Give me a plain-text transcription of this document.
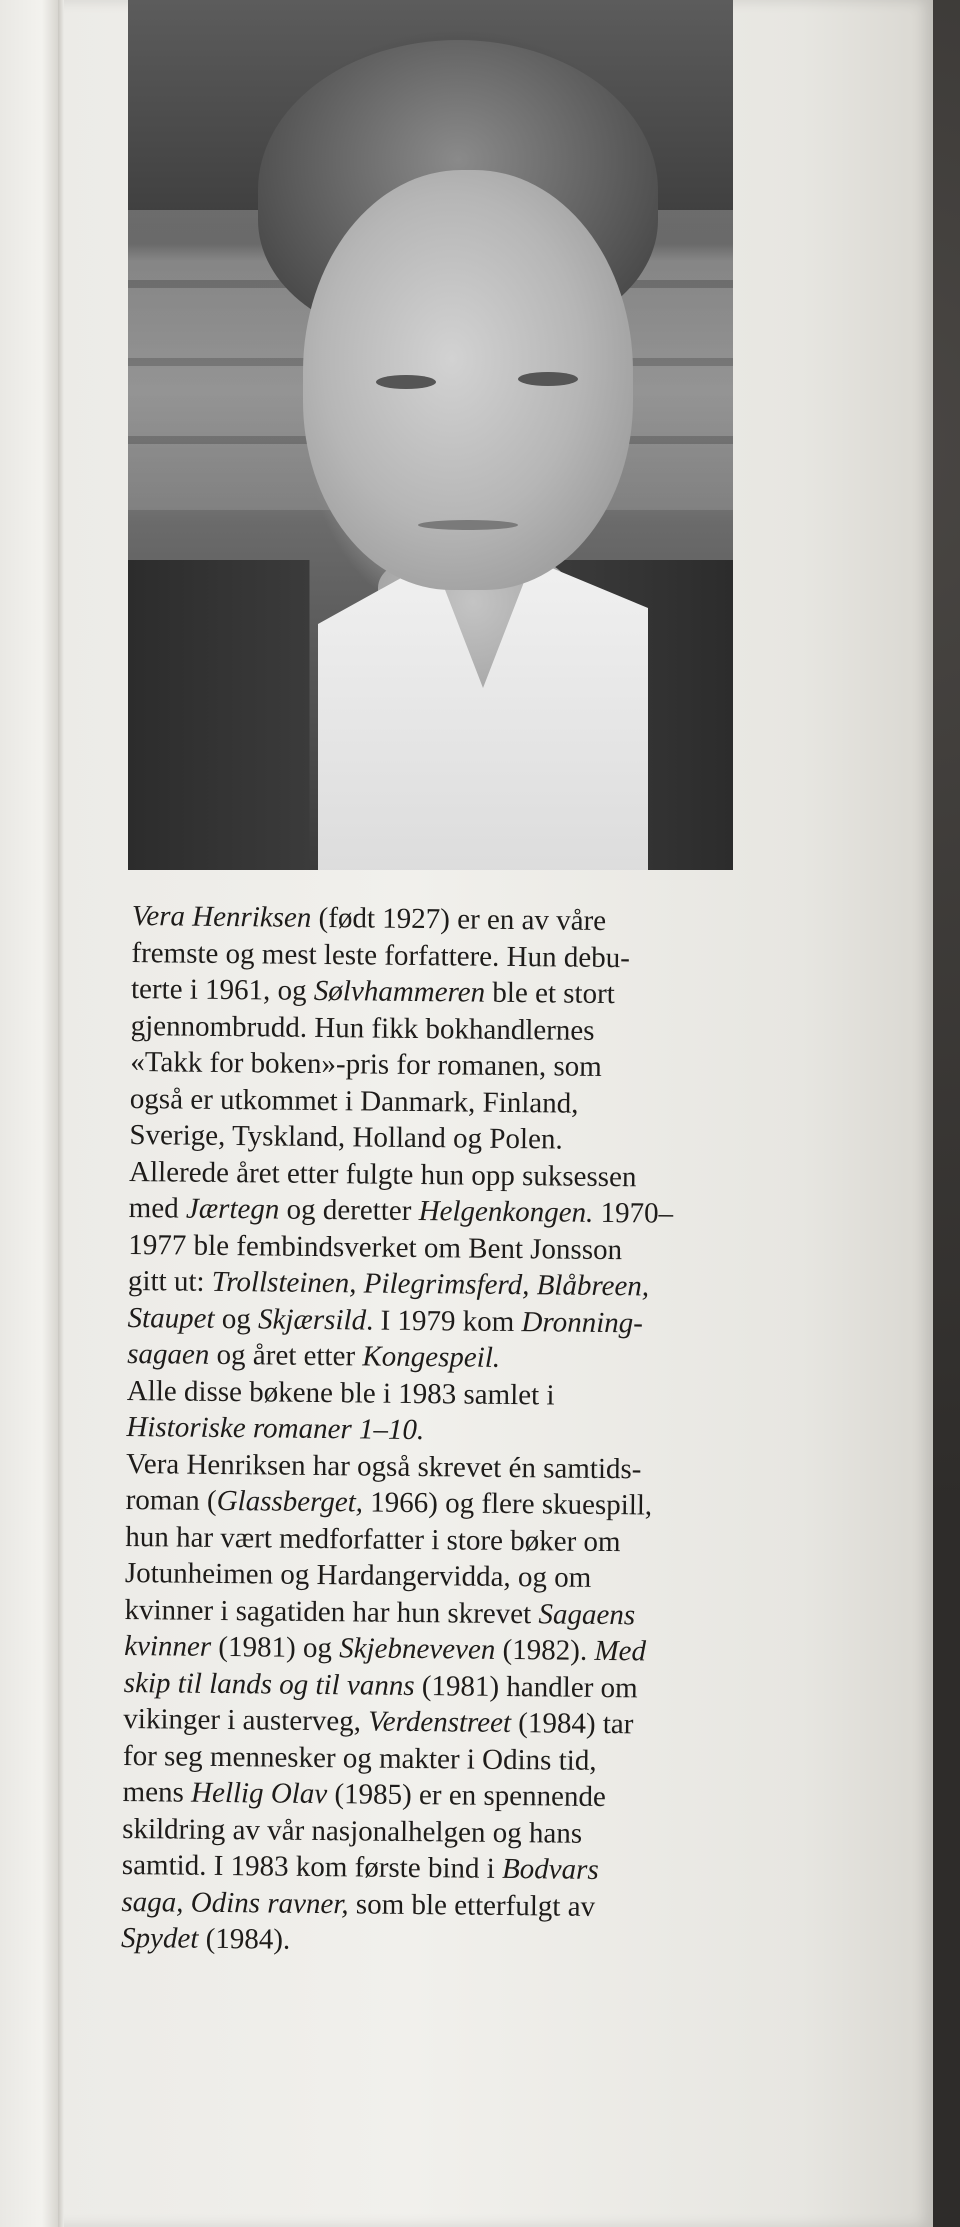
Vera Henriksen (født 1927) er en av våre
fremste og mest leste forfattere. Hun debu-
terte i 1961, og Sølvhammeren ble et stort
gjennombrudd. Hun fikk bokhandlernes
«Takk for boken»-pris for romanen, som
også er utkommet i Danmark, Finland,
Sverige, Tyskland, Holland og Polen.
Allerede året etter fulgte hun opp suksessen
med Jærtegn og deretter Helgenkongen. 1970–
1977 ble fembindsverket om Bent Jonsson
gitt ut: Trollsteinen, Pilegrimsferd, Blåbreen,
Staupet og Skjærsild. I 1979 kom Dronning-
sagaen og året etter Kongespeil.
Alle disse bøkene ble i 1983 samlet i
Historiske romaner 1–10.
Vera Henriksen har også skrevet én samtids-
roman (Glassberget, 1966) og flere skuespill,
hun har vært medforfatter i store bøker om
Jotunheimen og Hardangervidda, og om
kvinner i sagatiden har hun skrevet Sagaens
kvinner (1981) og Skjebneveven (1982). Med
skip til lands og til vanns (1981) handler om
vikinger i austerveg, Verdenstreet (1984) tar
for seg mennesker og makter i Odins tid,
mens Hellig Olav (1985) er en spennende
skildring av vår nasjonalhelgen og hans
samtid. I 1983 kom første bind i Bodvars
saga, Odins ravner, som ble etterfulgt av
Spydet (1984).
